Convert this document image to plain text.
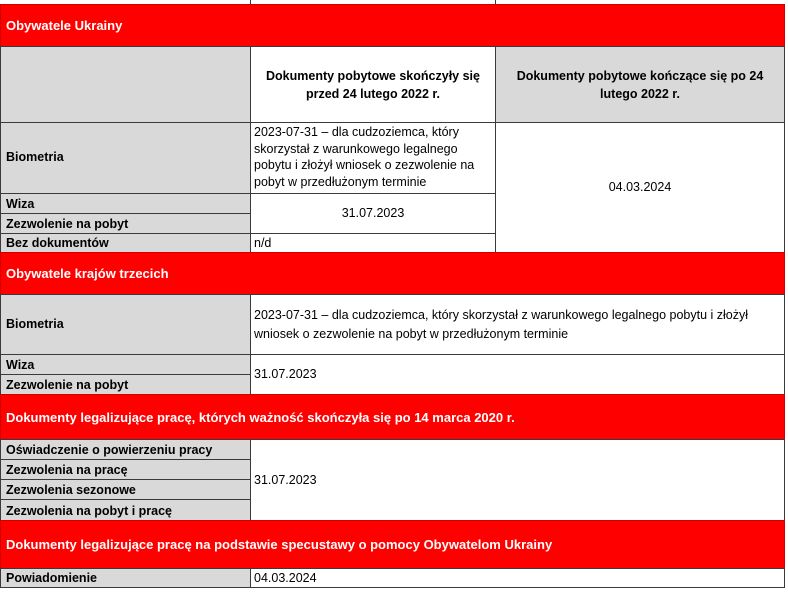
Obywatele Ukrainy
Dokumenty pobytowe skończyły się przed 24 lutego 2022 r.
Dokumenty pobytowe kończące się po 24 lutego 2022 r.
Biometria
2023-07-31 – dla cudzoziemca, który skorzystał z warunkowego legalnego pobytu i złożył wniosek o zezwolenie na pobyt w przedłużonym terminie
Wiza
Zezwolenie na pobyt
31.07.2023
Bez dokumentów	n/d
04.03.2024
Obywatele krajów trzecich
Biometria
2023-07-31 – dla cudzoziemca, który skorzystał z warunkowego legalnego pobytu i złożył wniosek o zezwolenie na pobyt w przedłużonym terminie
Wiza
Zezwolenie na pobyt
31.07.2023
Dokumenty legalizujące pracę, których ważność skończyła się po 14 marca 2020 r.
Oświadczenie o powierzeniu pracy
Zezwolenia na pracę
Zezwolenia sezonowe
Zezwolenia na pobyt i pracę
31.07.2023
Dokumenty legalizujące pracę na podstawie specustawy o pomocy Obywatelom Ukrainy
Powiadomienie	04.03.2024
